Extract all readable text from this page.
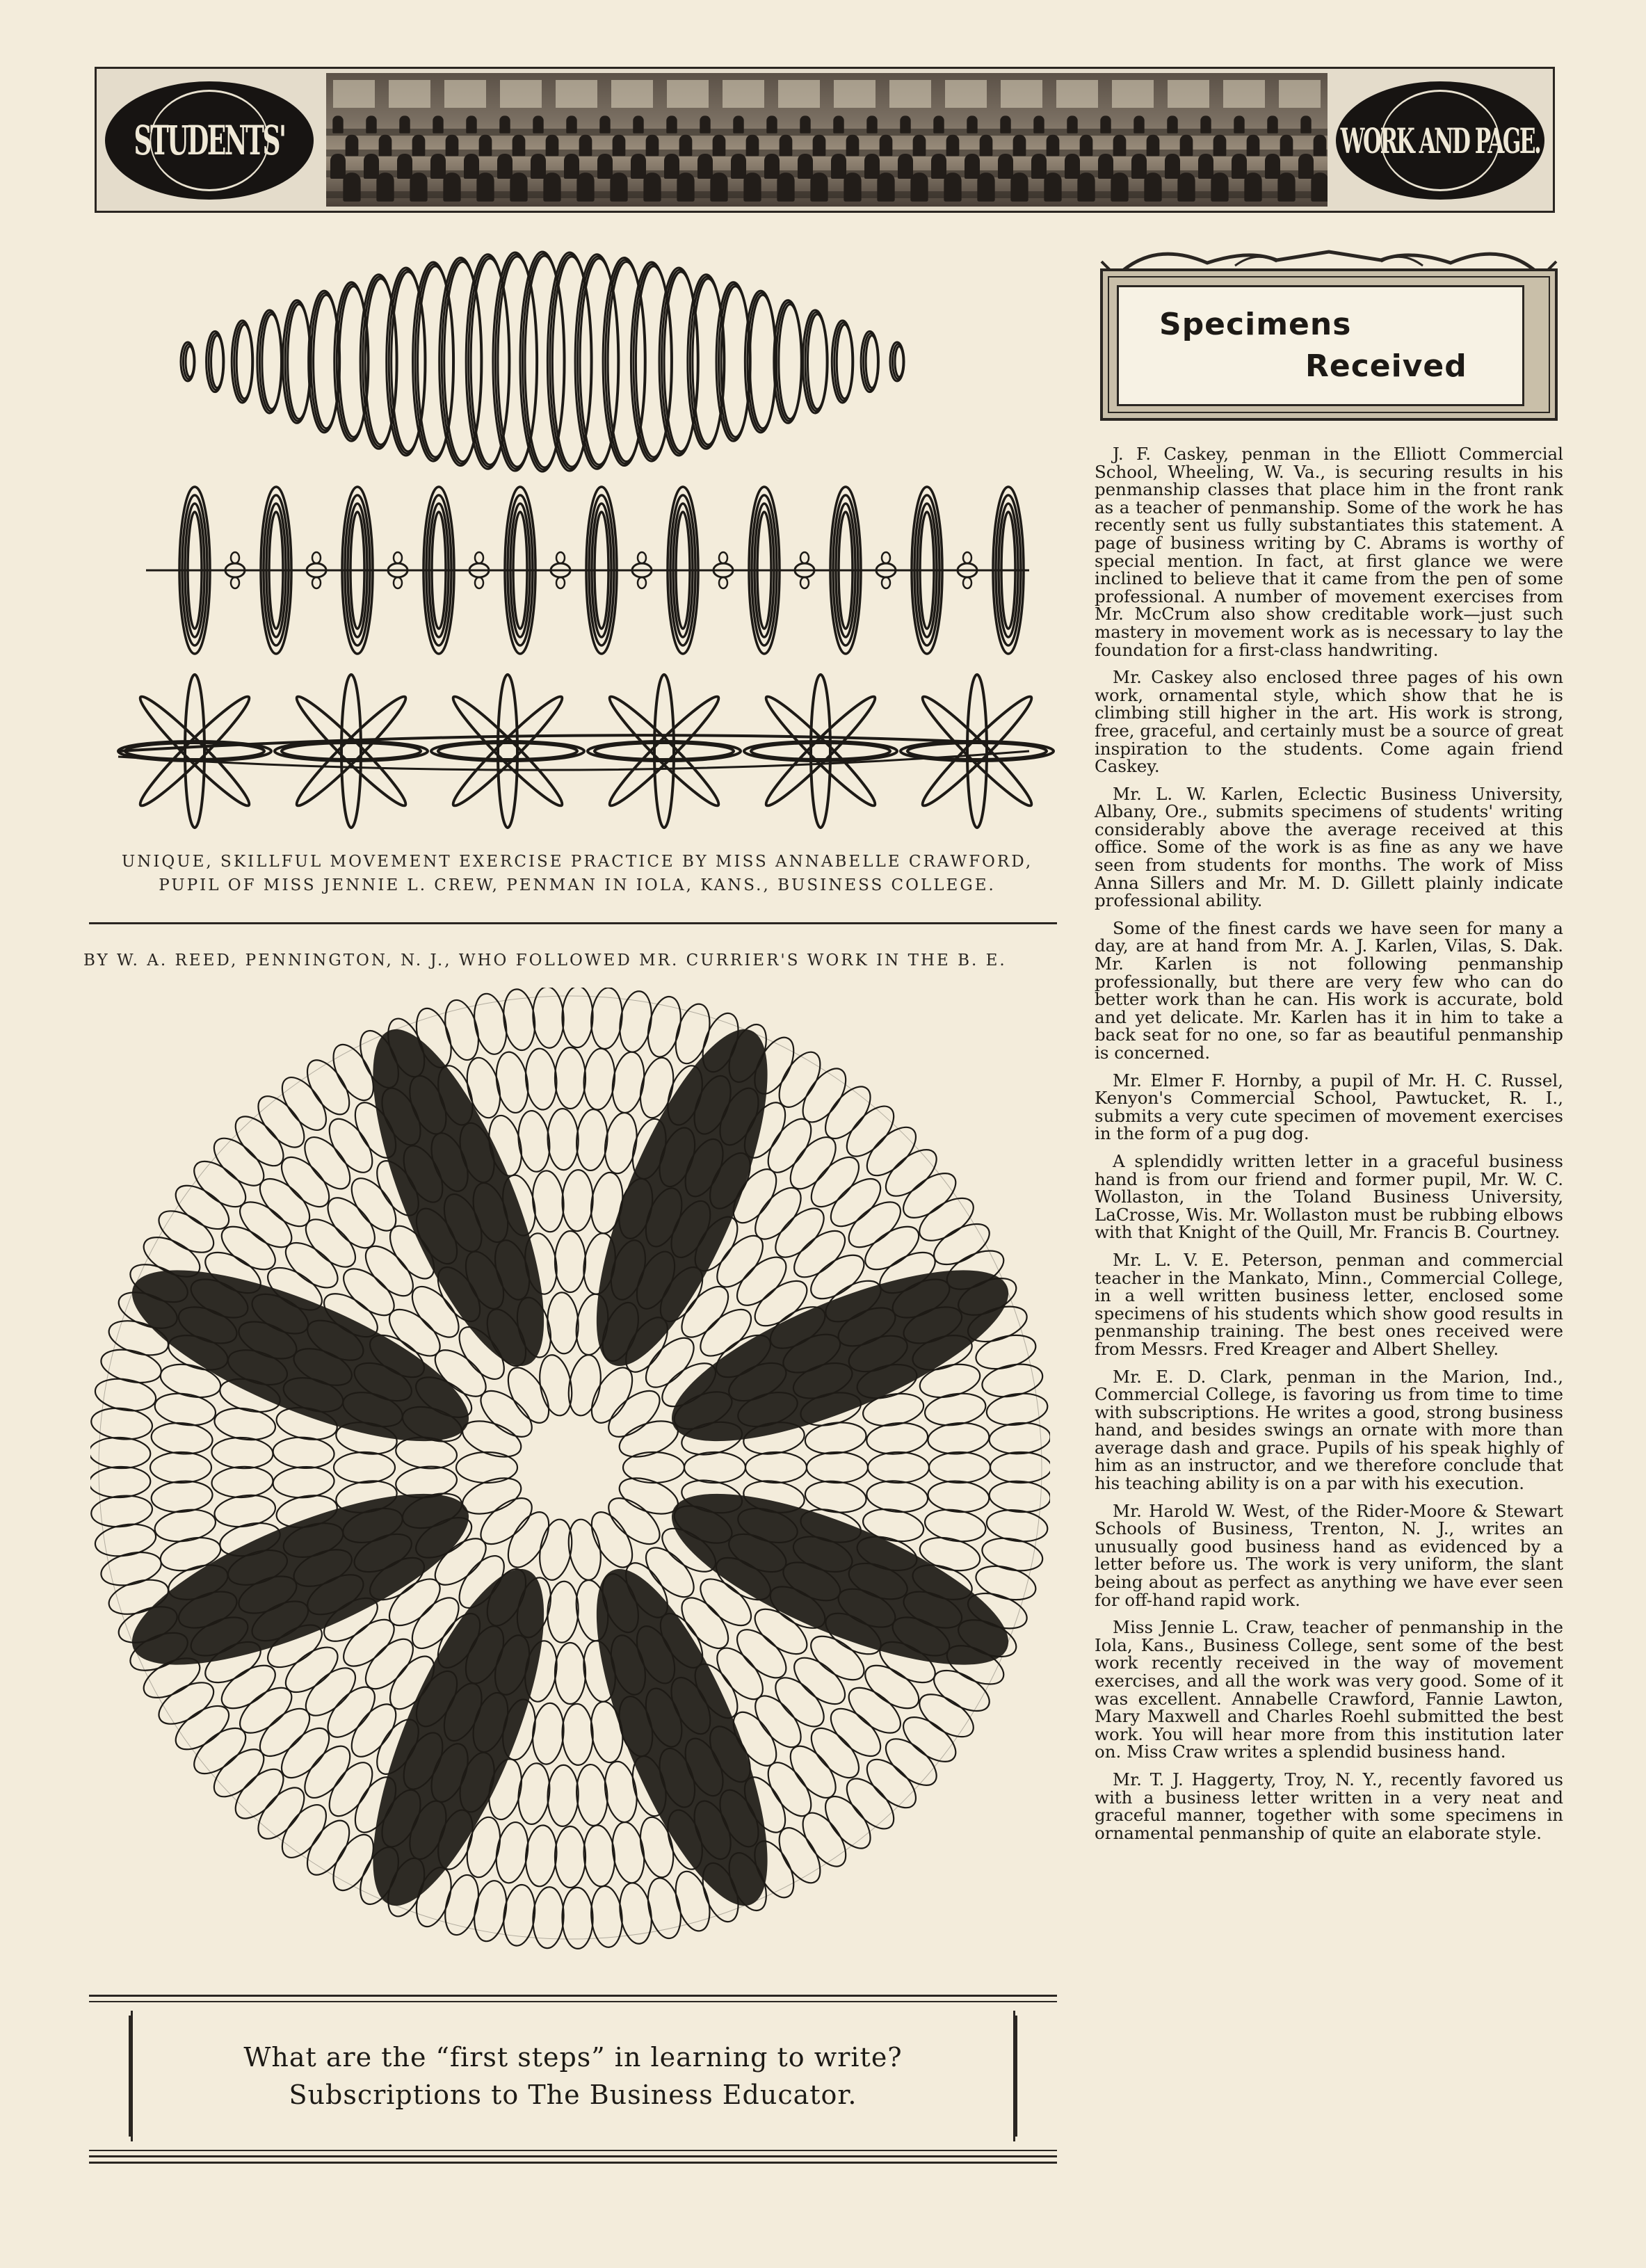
STUDENTS'	WORK AND PAGE.
UNIQUE, SKILLFUL MOVEMENT EXERCISE PRACTICE BY MISS ANNABELLE CRAWFORD,
PUPIL OF MISS JENNIE L. CREW, PENMAN IN IOLA, KANS., BUSINESS COLLEGE.
BY W. A. REED, PENNINGTON, N. J., WHO FOLLOWED MR. CURRIER'S WORK IN THE B. E.
What are the “first steps” in learning to write?
Subscriptions to The Business Educator.
Specimens
Received

J. F. Caskey, penman in the Elliott Commercial School, Wheeling, W. Va., is securing results in his penmanship classes that place him in the front rank as a teacher of penmanship. Some of the work he has recently sent us fully substantiates this statement. A page of business writing by C. Abrams is worthy of special mention. In fact, at first glance we were inclined to believe that it came from the pen of some professional. A number of movement exercises from Mr. McCrum also show creditable work—just such mastery in movement work as is necessary to lay the foundation for a first-class handwriting.

Mr. Caskey also enclosed three pages of his own work, ornamental style, which show that he is climbing still higher in the art. His work is strong, free, graceful, and certainly must be a source of great inspiration to the students. Come again friend Caskey.

Mr. L. W. Karlen, Eclectic Business University, Albany, Ore., submits specimens of students' writing considerably above the average received at this office. Some of the work is as fine as any we have seen from students for months. The work of Miss Anna Sillers and Mr. M. D. Gillett plainly indicate professional ability.

Some of the finest cards we have seen for many a day, are at hand from Mr. A. J. Karlen, Vilas, S. Dak. Mr. Karlen is not following penmanship professionally, but there are very few who can do better work than he can. His work is accurate, bold and yet delicate. Mr. Karlen has it in him to take a back seat for no one, so far as beautiful penmanship is concerned.

Mr. Elmer F. Hornby, a pupil of Mr. H. C. Russel, Kenyon's Commercial School, Pawtucket, R. I., submits a very cute specimen of movement exercises in the form of a pug dog.

A splendidly written letter in a graceful business hand is from our friend and former pupil, Mr. W. C. Wollaston, in the Toland Business University, LaCrosse, Wis. Mr. Wollaston must be rubbing elbows with that Knight of the Quill, Mr. Francis B. Courtney.

Mr. L. V. E. Peterson, penman and commercial teacher in the Mankato, Minn., Commercial College, in a well written business letter, enclosed some specimens of his students which show good results in penmanship training. The best ones received were from Messrs. Fred Kreager and Albert Shelley.

Mr. E. D. Clark, penman in the Marion, Ind., Commercial College, is favoring us from time to time with subscriptions. He writes a good, strong business hand, and besides swings an ornate with more than average dash and grace. Pupils of his speak highly of him as an instructor, and we therefore conclude that his teaching ability is on a par with his execution.

Mr. Harold W. West, of the Rider-Moore & Stewart Schools of Business, Trenton, N. J., writes an unusually good business hand as evidenced by a letter before us. The work is very uniform, the slant being about as perfect as anything we have ever seen for off-hand rapid work.

Miss Jennie L. Craw, teacher of penmanship in the Iola, Kans., Business College, sent some of the best work recently received in the way of movement exercises, and all the work was very good. Some of it was excellent. Annabelle Crawford, Fannie Lawton, Mary Maxwell and Charles Roehl submitted the best work. You will hear more from this institution later on. Miss Craw writes a splendid business hand.

Mr. T. J. Haggerty, Troy, N. Y., recently favored us with a business letter written in a very neat and graceful manner, together with some specimens in ornamental penmanship of quite an elaborate style.
